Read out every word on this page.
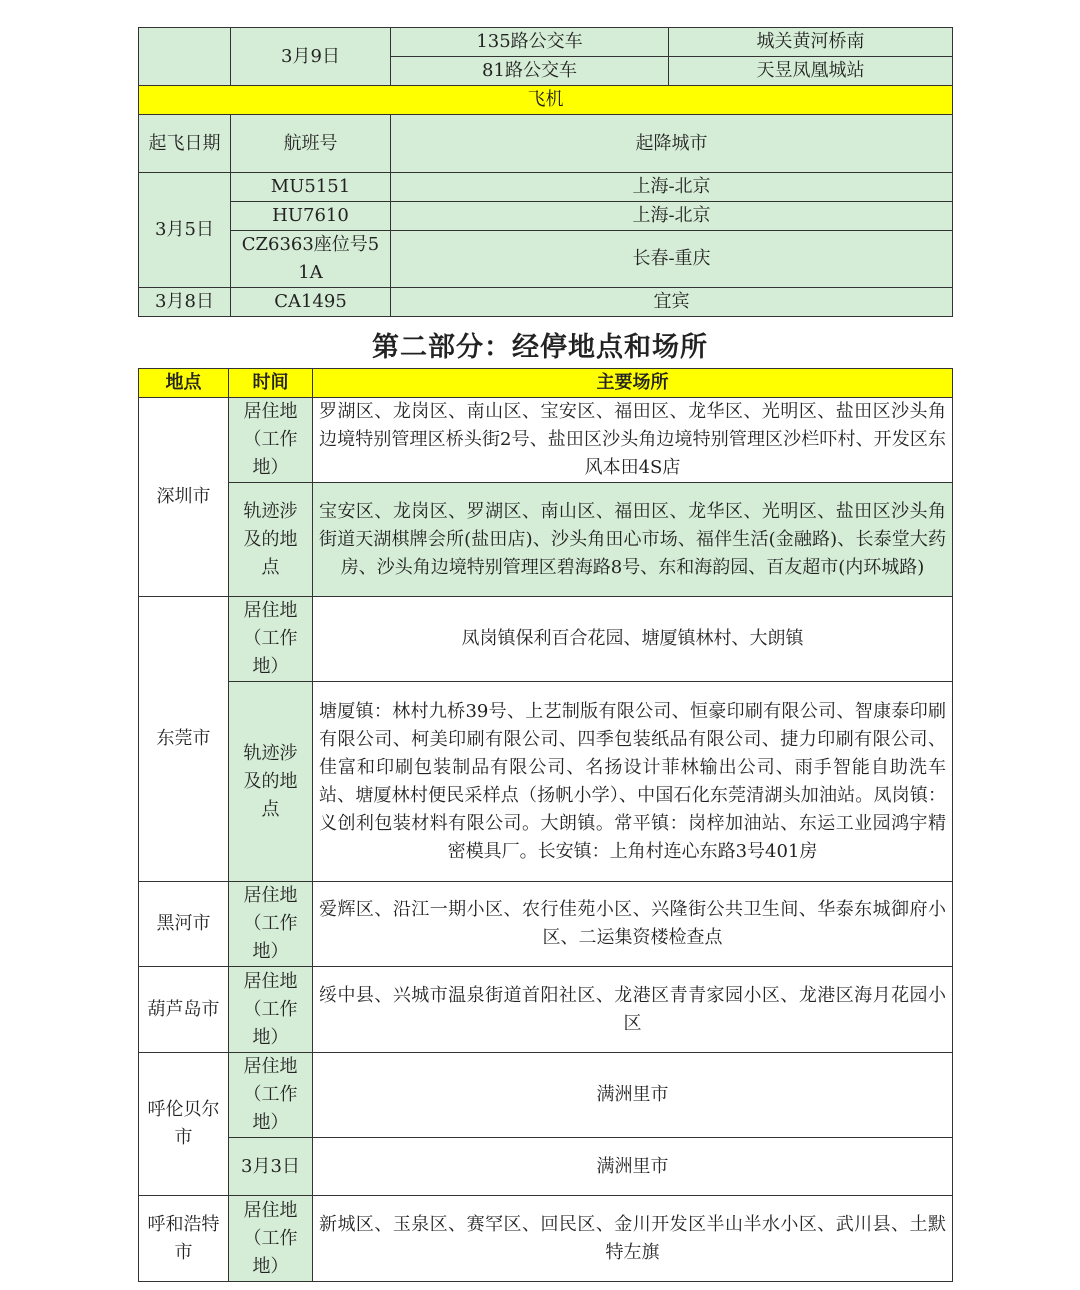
	3月9日	135路公交车	城关黄河桥南
		81路公交车	天昱凤凰城站
飞机			
起飞日期	航班号	起降城市	
3月5日	MU5151	上海-北京	
	HU7610	上海-北京	
	CZ6363座位号51A	长春-重庆	
3月8日	CA1495	宜宾	
第二部分：经停地点和场所
地点	时间	主要场所
深圳市	居住地（工作地）	罗湖区、龙岗区、南山区、宝安区、福田区、龙华区、光明区、盐田区沙头角边境特别管理区桥头街2号、盐田区沙头角边境特别管理区沙栏吓村、开发区东风本田4S店
	轨迹涉及的地点	宝安区、龙岗区、罗湖区、南山区、福田区、龙华区、光明区、盐田区沙头角街道天湖棋牌会所(盐田店)、沙头角田心市场、福伴生活(金融路)、长泰堂大药房、沙头角边境特别管理区碧海路8号、东和海韵园、百友超市(内环城路)
东莞市	居住地（工作地）	凤岗镇保利百合花园、塘厦镇林村、大朗镇
	轨迹涉及的地点	塘厦镇：林村九桥39号、上艺制版有限公司、恒豪印刷有限公司、智康泰印刷有限公司、柯美印刷有限公司、四季包装纸品有限公司、捷力印刷有限公司、佳富和印刷包装制品有限公司、名扬设计菲林输出公司、雨手智能自助洗车站、塘厦林村便民采样点（扬帆小学）、中国石化东莞清湖头加油站。凤岗镇：义创利包装材料有限公司。大朗镇。常平镇：岗梓加油站、东运工业园鸿宇精密模具厂。长安镇：上角村连心东路3号401房
黑河市	居住地（工作地）	爱辉区、沿江一期小区、农行佳苑小区、兴隆街公共卫生间、华泰东城御府小区、二运集资楼检查点
葫芦岛市	居住地（工作地）	绥中县、兴城市温泉街道首阳社区、龙港区青青家园小区、龙港区海月花园小区
呼伦贝尔市	居住地（工作地）	满洲里市
	3月3日	满洲里市
呼和浩特市	居住地（工作地）	新城区、玉泉区、赛罕区、回民区、金川开发区半山半水小区、武川县、土默特左旗
